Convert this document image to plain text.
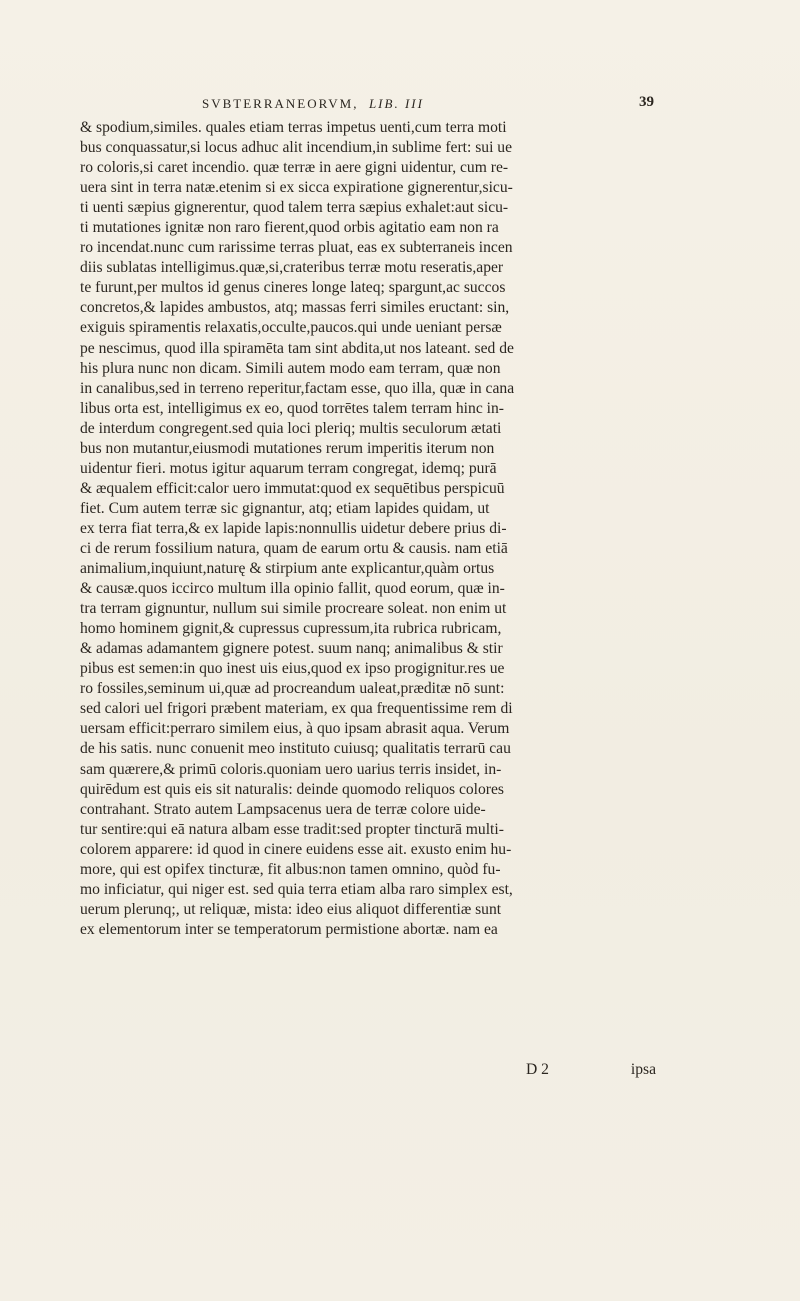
SVBTERRANEORVM, LIB. III	39
& spodium,similes. quales etiam terras impetus uenti,cum terra moti
bus conquassatur,si locus adhuc alit incendium,in sublime fert: sui ue
ro coloris,si caret incendio. quæ terræ in aere gigni uidentur, cum re-
uera sint in terra natæ.etenim si ex sicca expiratione gignerentur,sicu-
ti uenti sæpius gignerentur, quod talem terra sæpius exhalet:aut sicu-
ti mutationes ignitæ non raro fierent,quod orbis agitatio eam non ra
ro incendat.nunc cum rarissime terras pluat, eas ex subterraneis incen
diis sublatas intelligimus.quæ,si,crateribus terræ motu reseratis,aper
te furunt,per multos id genus cineres longe lateq; spargunt,ac succos
concretos,& lapides ambustos, atq; massas ferri similes eructant: sin,
exiguis spiramentis relaxatis,occulte,paucos.qui unde ueniant persæ
pe nescimus, quod illa spiramēta tam sint abdita,ut nos lateant. sed de
his plura nunc non dicam. Simili autem modo eam terram, quæ non
in canalibus,sed in terreno reperitur,factam esse, quo illa, quæ in cana
libus orta est, intelligimus ex eo, quod torrētes talem terram hinc in-
de interdum congregent.sed quia loci pleriq; multis seculorum ætati
bus non mutantur,eiusmodi mutationes rerum imperitis iterum non
uidentur fieri. motus igitur aquarum terram congregat, idemq; purā
& æqualem efficit:calor uero immutat:quod ex sequētibus perspicuū
fiet. Cum autem terræ sic gignantur, atq; etiam lapides quidam, ut
ex terra fiat terra,& ex lapide lapis:nonnullis uidetur debere prius di-
ci de rerum fossilium natura, quam de earum ortu & causis. nam etiā
animalium,inquiunt,naturę & stirpium ante explicantur,quàm ortus
& causæ.quos iccirco multum illa opinio fallit, quod eorum, quæ in-
tra terram gignuntur, nullum sui simile procreare soleat. non enim ut
homo hominem gignit,& cupressus cupressum,ita rubrica rubricam,
& adamas adamantem gignere potest. suum nanq; animalibus & stir
pibus est semen:in quo inest uis eius,quod ex ipso progignitur.res ue
ro fossiles,seminum ui,quæ ad procreandum ualeat,præditæ nō sunt:
sed calori uel frigori præbent materiam, ex qua frequentissime rem di
uersam efficit:perraro similem eius, à quo ipsam abrasit aqua. Verum
de his satis. nunc conuenit meo instituto cuiusq; qualitatis terrarū cau
sam quærere,& primū coloris.quoniam uero uarius terris insidet, in-
quirēdum est quis eis sit naturalis: deinde quomodo reliquos colores
contrahant. Strato autem Lampsacenus uera de terræ colore uide-
tur sentire:qui eā natura albam esse tradit:sed propter tincturā multi-
colorem apparere: id quod in cinere euidens esse ait. exusto enim hu-
more, qui est opifex tincturæ, fit albus:non tamen omnino, quòd fu-
mo inficiatur, qui niger est. sed quia terra etiam alba raro simplex est,
uerum plerunq;, ut reliquæ, mista: ideo eius aliquot differentiæ sunt
ex elementorum inter se temperatorum permistione abortæ. nam ea
D 2	ipsa
